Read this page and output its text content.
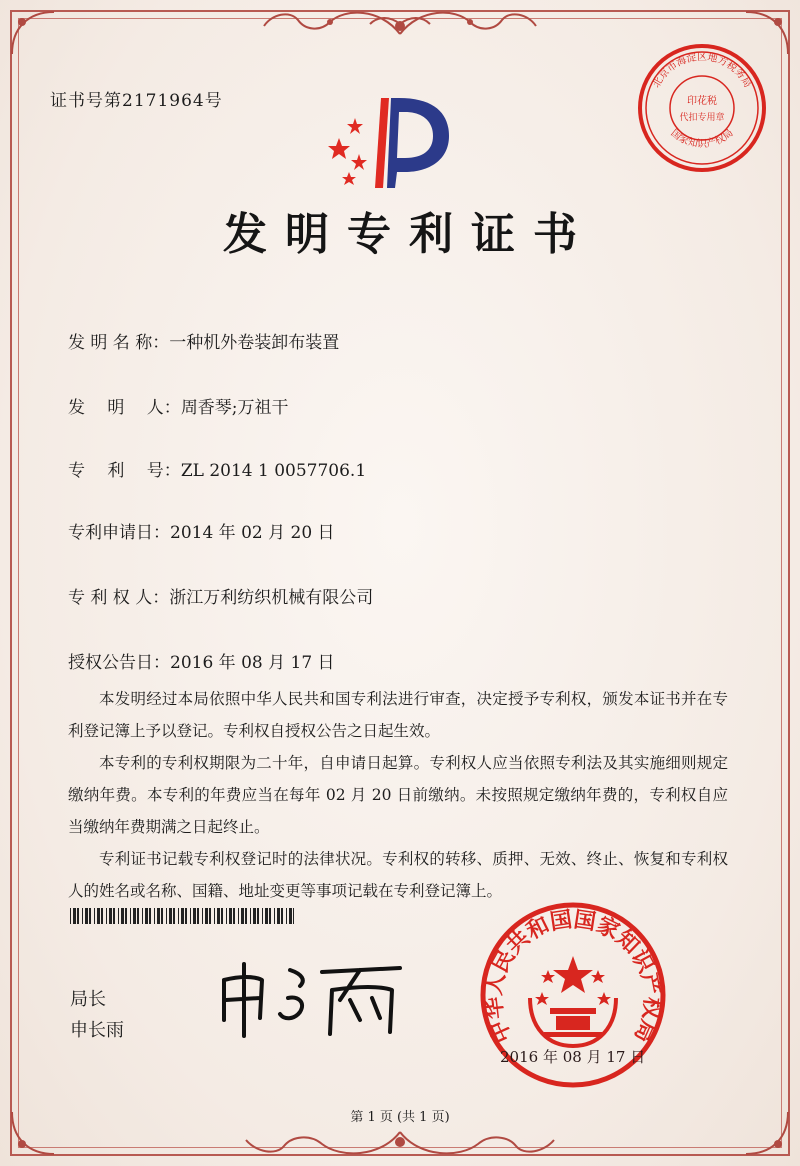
证书号第2171964号
北京市海淀区地方税务局
国家知识产权局
印花税
代扣专用章
发明专利证书
发 明 名 称：一种机外卷装卸布装置
发　 明　 人：周香琴;万祖干
专　 利　 号：ZL 2014 1 0057706.1
专利申请日：2014 年 02 月 20 日
专 利 权 人：浙江万利纺织机械有限公司
授权公告日：2016 年 08 月 17 日

本发明经过本局依照中华人民共和国专利法进行审查，决定授予专利权，颁发本证书并在专利登记簿上予以登记。专利权自授权公告之日起生效。

本专利的专利权期限为二十年，自申请日起算。专利权人应当依照专利法及其实施细则规定缴纳年费。本专利的年费应当在每年 02 月 20 日前缴纳。未按照规定缴纳年费的，专利权自应当缴纳年费期满之日起终止。

专利证书记载专利权登记时的法律状况。专利权的转移、质押、无效、终止、恢复和专利权人的姓名或名称、国籍、地址变更等事项记载在专利登记簿上。

局长
申长雨	中华人民共和国国家知识产权局
2016 年 08 月 17 日
第 1 页 (共 1 页)
